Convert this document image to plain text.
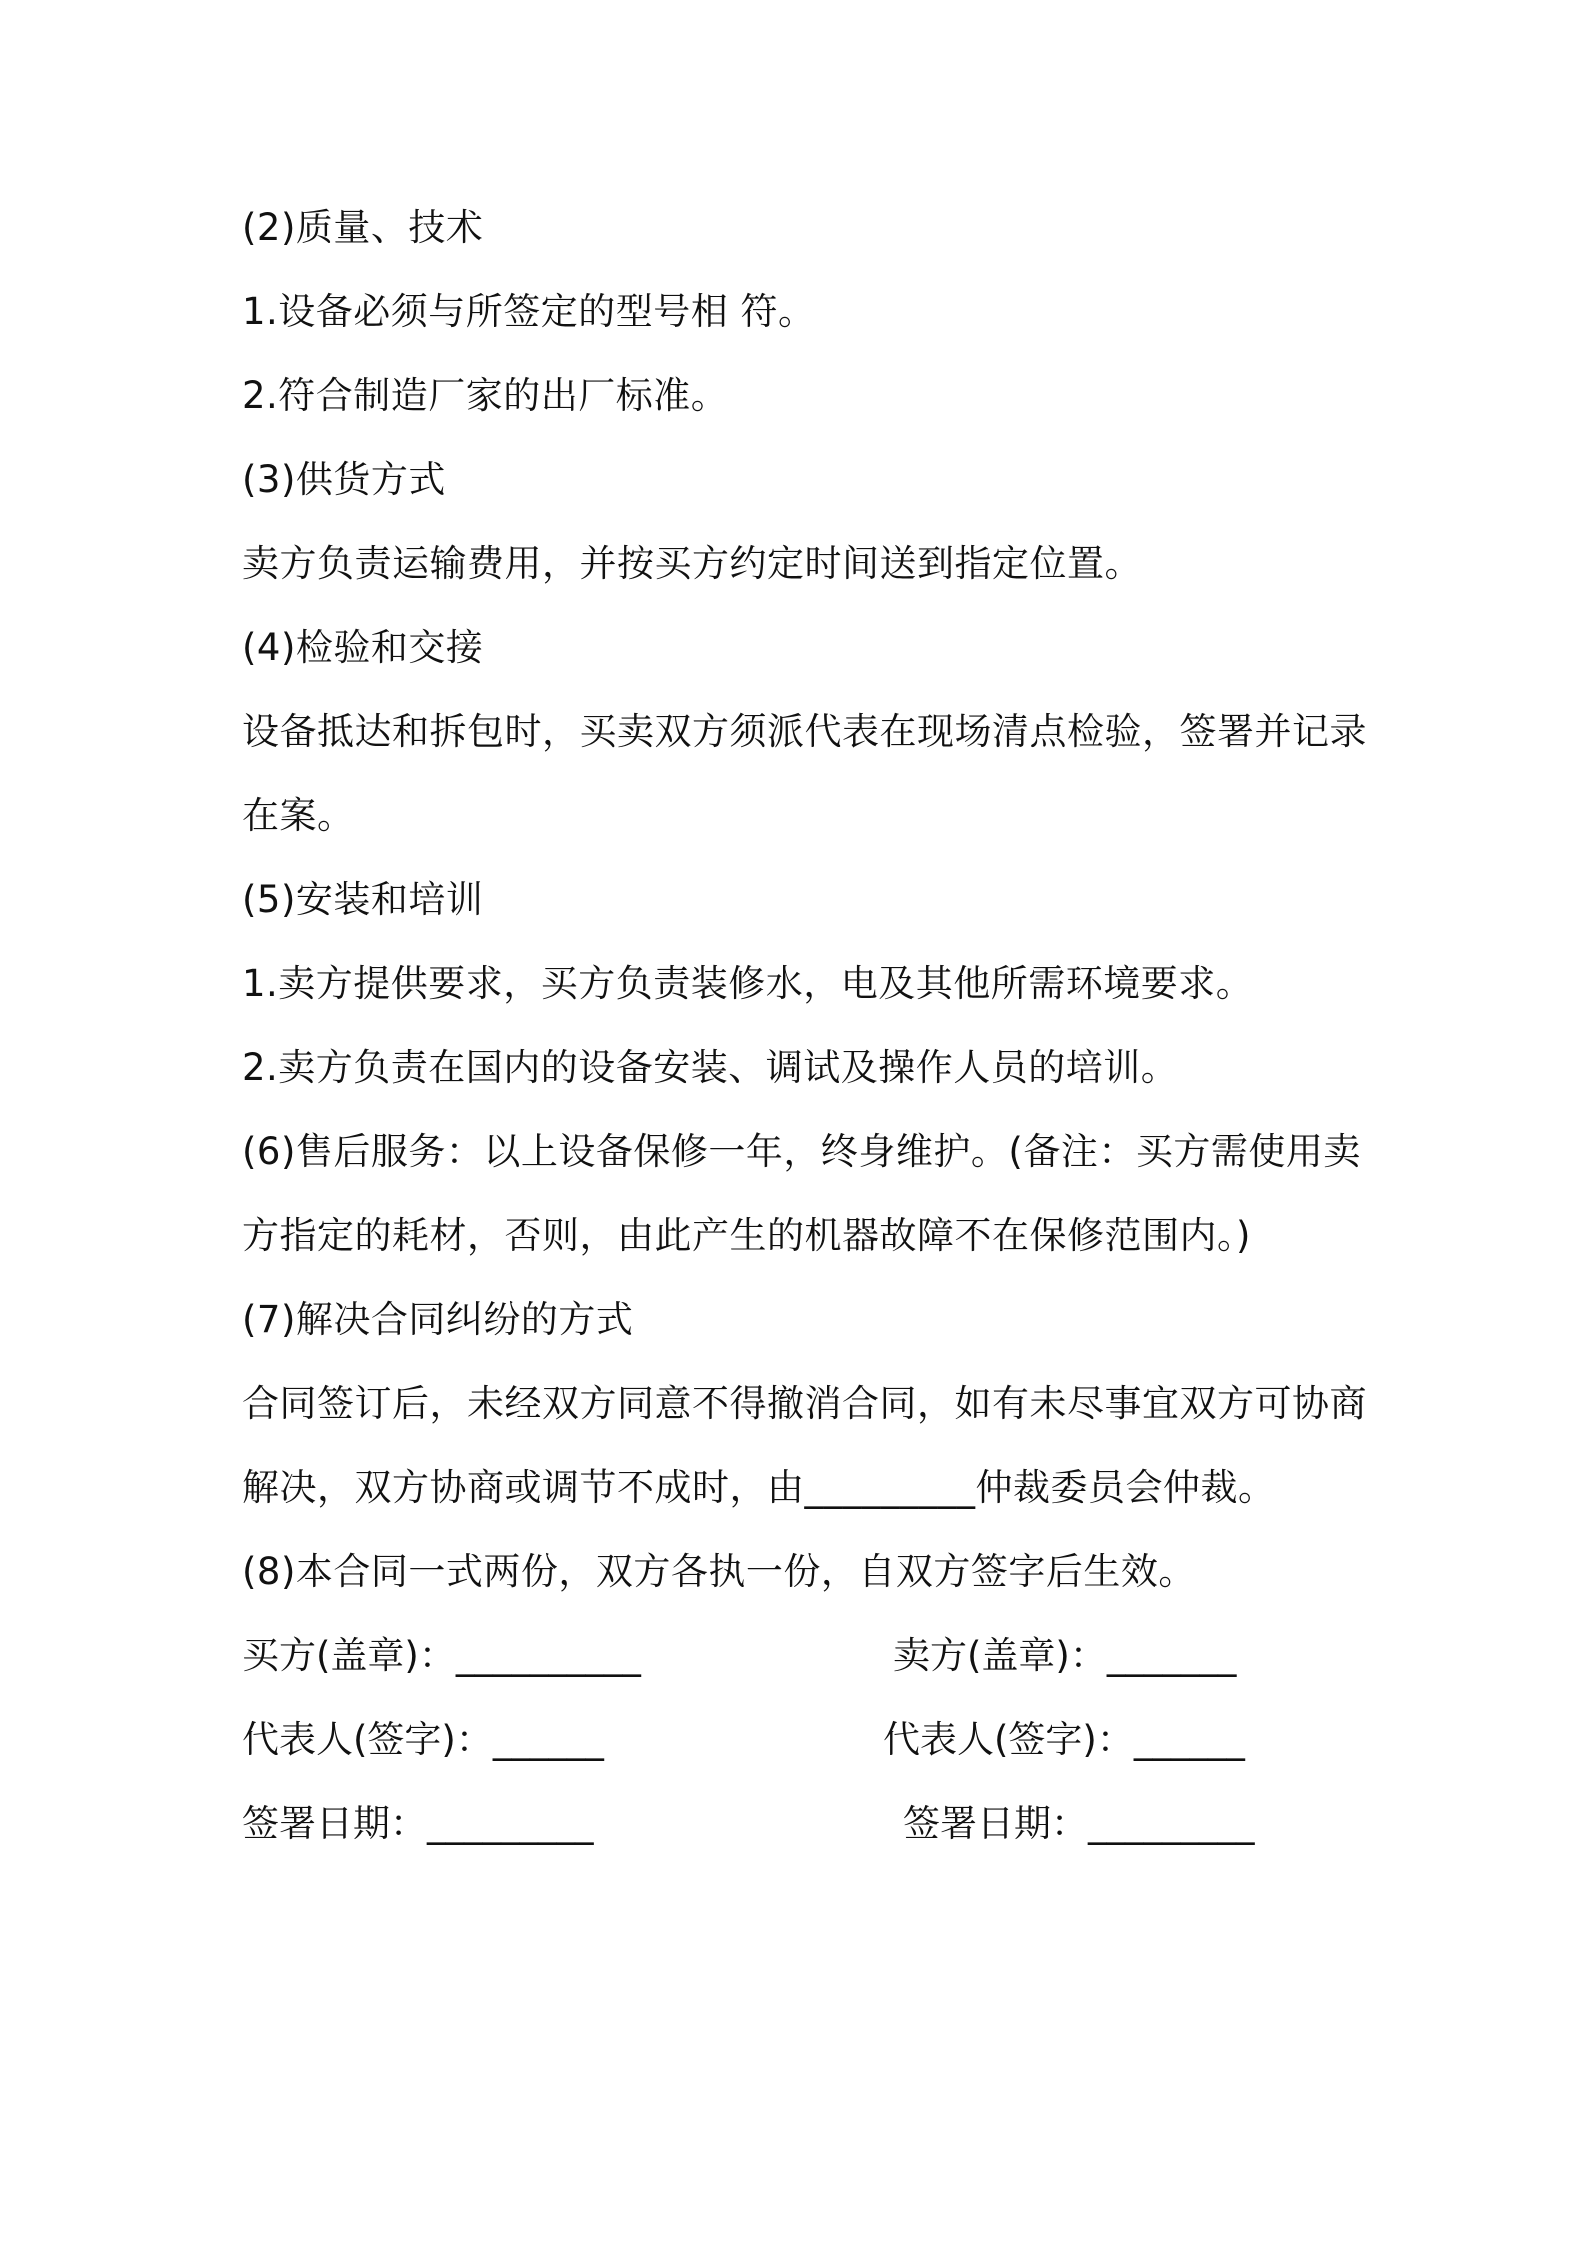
(2)质量、技术
1.设备必须与所签定的型号相 符。
2.符合制造厂家的出厂标准。
(3)供货方式
卖方负责运输费用，并按买方约定时间送到指定位置。
(4)检验和交接
设备抵达和拆包时，买卖双方须派代表在现场清点检验，签署并记录
在案。
(5)安装和培训
1.卖方提供要求，买方负责装修水，电及其他所需环境要求。
2.卖方负责在国内的设备安装、调试及操作人员的培训。
(6)售后服务：以上设备保修一年，终身维护。(备注：买方需使用卖
方指定的耗材，否则，由此产生的机器故障不在保修范围内。)
(7)解决合同纠纷的方式
合同签订后，未经双方同意不得撤消合同，如有未尽事宜双方可协商
解决，双方协商或调节不成时，由_________仲裁委员会仲裁。
(8)本合同一式两份，双方各执一份，自双方签字后生效。
买方(盖章)：__________	卖方(盖章)：_______
代表人(签字)：______	代表人(签字)：______
签署日期：_________	签署日期：_________
